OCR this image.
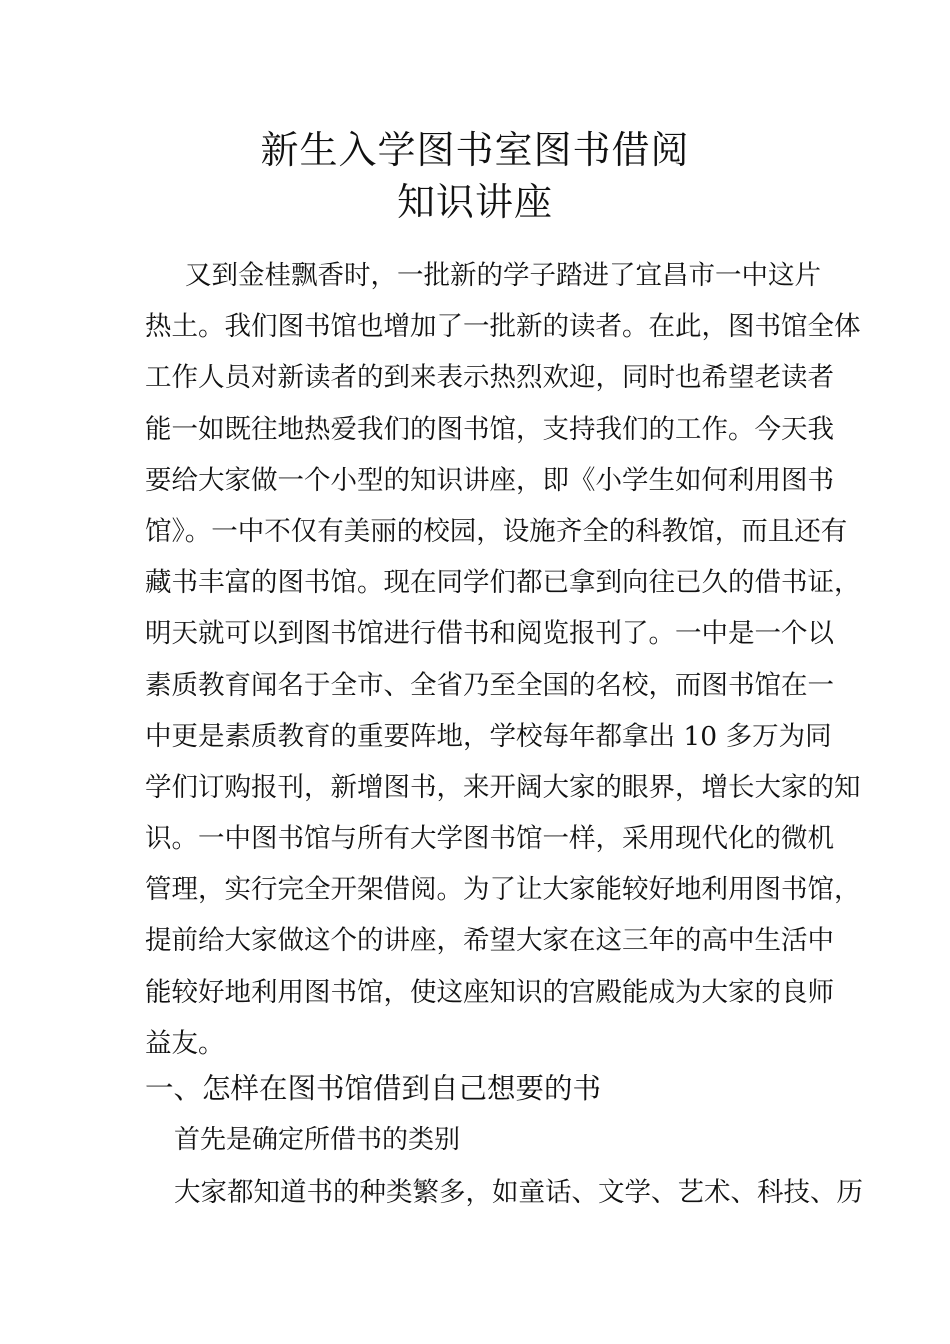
新生入学图书室图书借阅
知识讲座
又到金桂飘香时，一批新的学子踏进了宜昌市一中这片
热土。我们图书馆也增加了一批新的读者。在此，图书馆全体
工作人员对新读者的到来表示热烈欢迎，同时也希望老读者
能一如既往地热爱我们的图书馆，支持我们的工作。今天我
要给大家做一个小型的知识讲座，即《小学生如何利用图书
馆》。一中不仅有美丽的校园，设施齐全的科教馆，而且还有
藏书丰富的图书馆。现在同学们都已拿到向往已久的借书证，
明天就可以到图书馆进行借书和阅览报刊了。一中是一个以
素质教育闻名于全市、全省乃至全国的名校，而图书馆在一
中更是素质教育的重要阵地，学校每年都拿出 10 多万为同
学们订购报刊，新增图书，来开阔大家的眼界，增长大家的知
识。一中图书馆与所有大学图书馆一样，采用现代化的微机
管理，实行完全开架借阅。为了让大家能较好地利用图书馆，
提前给大家做这个的讲座，希望大家在这三年的高中生活中
能较好地利用图书馆，使这座知识的宫殿能成为大家的良师
益友。
一、怎样在图书馆借到自己想要的书
首先是确定所借书的类别
大家都知道书的种类繁多，如童话、文学、艺术、科技、历
